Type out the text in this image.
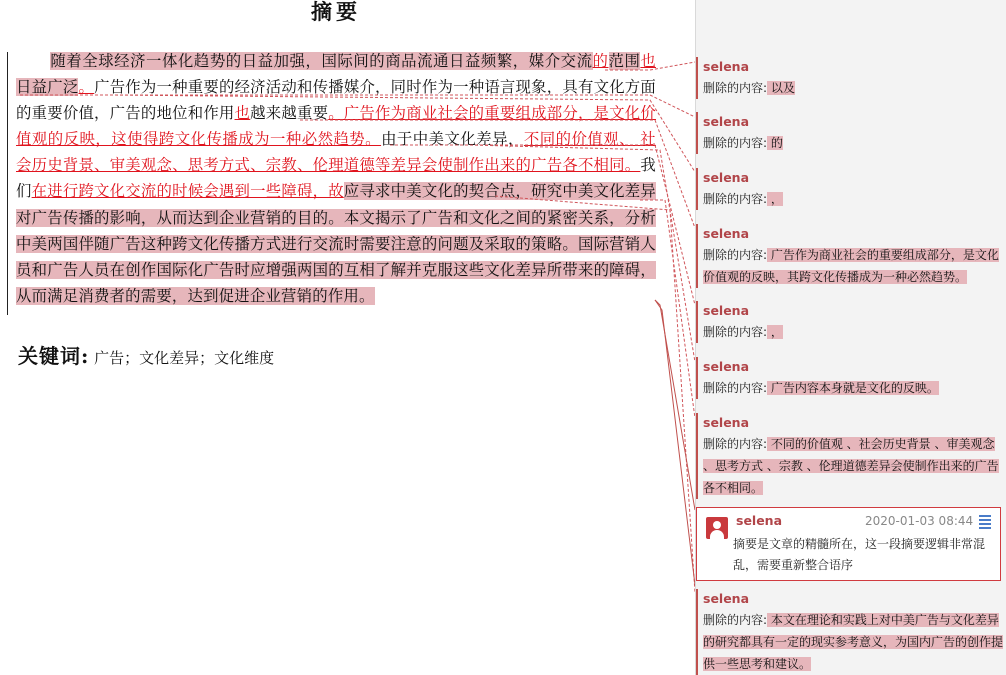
摘要
随着全球经济一体化趋势的日益加强，国际间的商品流通日益频繁，媒介交流的范围也日益广泛。广告作为一种重要的经济活动和传播媒介，同时作为一种语言现象，具有文化方面的重要价值，广告的地位和作用也越来越重要。广告作为商业社会的重要组成部分，是文化价值观的反映，这使得跨文化传播成为一种必然趋势。由于中美文化差异，不同的价值观、 社会历史背景、审美观念、思考方式、宗教、伦理道德等差异会使制作出来的广告各不相同。我们在进行跨文化交流的时候会遇到一些障碍，故应寻求中美文化的契合点，研究中美文化差异对广告传播的影响，从而达到企业营销的目的。本文揭示了广告和文化之间的紧密关系，分析中美两国伴随广告这种跨文化传播方式进行交流时需要注意的问题及采取的策略。国际营销人员和广告人员在创作国际化广告时应增强两国的互相了解并克服这些文化差异所带来的障碍，从而满足消费者的需要，达到促进企业营销的作用。
关键词: 广告；文化差异；文化维度
selena
删除的内容: 以及
selena
删除的内容: 的
selena
删除的内容: ，
selena
删除的内容: 广告作为商业社会的重要组成部分，是文化价值观的反映，其跨文化传播成为一种必然趋势。
selena
删除的内容: ，
selena
删除的内容: 广告内容本身就是文化的反映。
selena
删除的内容: 不同的价值观 、社会历史背景 、审美观念 、思考方式 、宗教 、伦理道德差异会使制作出来的广告各不相同。
selena
删除的内容: 本文在理论和实践上对中美广告与文化差异的研究都具有一定的现实参考意义，为国内广告的创作提供一些思考和建议。
selena	2020-01-03 08:44
摘要是文章的精髓所在，这一段摘要逻辑非常混乱，需要重新整合语序
